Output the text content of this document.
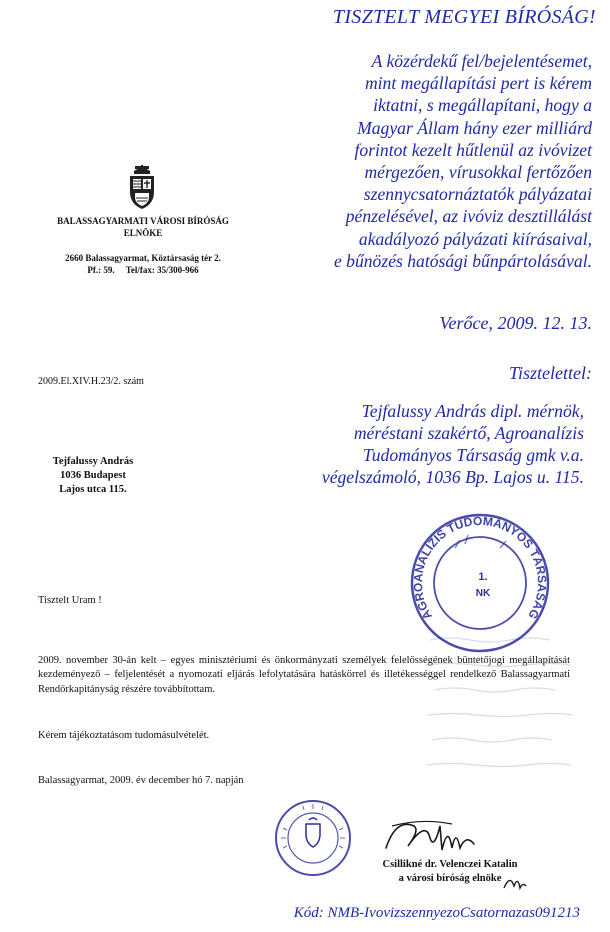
TISZTELT MEGYEI BÍRÓSÁG!
A közérdekű fel/bejelentésemet,
mint megállapítási pert is kérem
iktatni, s megállapítani, hogy a
Magyar Állam hány ezer milliárd
forintot kezelt hűtlenül az ivóvizet
mérgezően, vírusokkal fertőzően
szennycsatornáztatók pályázatai
pénzelésével, az ivóviz desztillálást
akadályozó pályázati kiírásaival,
e bűnözés hatósági bűnpártolásával.
Verőce, 2009. 12. 13.
Tisztelettel:
Tejfalussy András dipl. mérnök,
méréstani szakértő, Agroanalízis
Tudományos Társaság gmk v.a.
végelszámoló, 1036 Bp. Lajos u. 115.
BALASSAGYARMATI VÁROSI BÍRÓSÁG
ELNÖKE
2660 Balassagyarmat, Köztársaság tér 2.
Pf.: 59.     Tel/fax: 35/300-966
2009.El.XIV.H.23/2. szám
Tejfalussy András
1036 Budapest
Lajos utca 115.
AGROANALÍZIS TUDOMÁNYOS TÁRSASÁG
1.
NK
Tisztelt Uram !
2009. november 30-án kelt – egyes minisztériumi és önkormányzati személyek felelősségének büntetőjogi megállapítását kezdeményező – feljelentését a nyomozati eljárás lefolytatására hatáskörrel és illetékességgel rendelkező Balassagyarmati Rendőrkapitányság részére továbbítottam.
Kérem tájékoztatásom tudomásulvételét.
Balassagyarmat, 2009. év december hó 7. napján
Csillikné dr. Velenczei Katalin
a városi bíróság elnöke
Kód: NMB-IvovizszennyezoCsatornazas091213
